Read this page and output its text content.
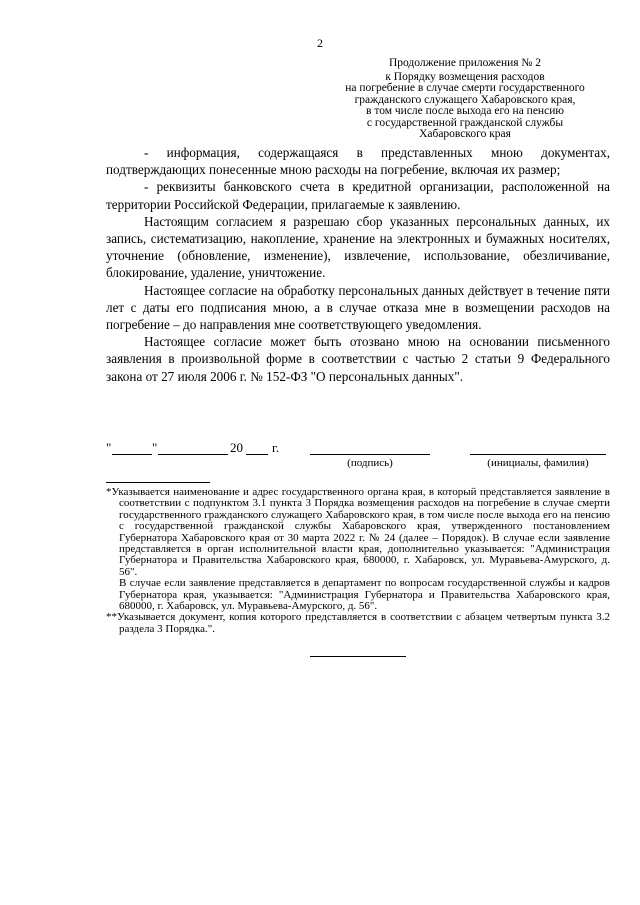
2
Продолжение приложения № 2
к Порядку возмещения расходов
на погребение в случае смерти государственного
гражданского служащего Хабаровского края,
в том числе после выхода его на пенсию
с государственной гражданской службы
Хабаровского края

- информация, содержащаяся в представленных мною документах, подтверждающих понесенные мною расходы на погребение, включая их размер;

- реквизиты банковского счета в кредитной организации, расположенной на территории Российской Федерации, прилагаемые к заявлению.

Настоящим согласием я разрешаю сбор указанных персональных данных, их запись, систематизацию, накопление, хранение на электронных и бумажных носителях, уточнение (обновление, изменение), извлечение, использование, обезличивание, блокирование, удаление, уничтожение.

Настоящее согласие на обработку персональных данных действует в течение пяти лет с даты его подписания мною, а в случае отказа мне в возмещении расходов на погребение – до направления мне соответствующего уведомления.

Настоящее согласие может быть отозвано мною на основании письменного заявления в произвольной форме в соответствии с частью 2 статьи 9 Федерального закона от 27 июля 2006 г. № 152-ФЗ "О персональных данных".

"	"	20 г.
(подпись)	(инициалы, фамилия)

*Указывается наименование и адрес государственного органа края, в который представляется заявление в соответствии с подпунктом 3.1 пункта 3 Порядка возмещения расходов на погребение в случае смерти государственного гражданского служащего Хабаровского края, в том числе после выхода его на пенсию с государственной гражданской службы Хабаровского края, утвержденного постановлением Губернатора Хабаровского края от 30 марта 2022 г. № 24 (далее – Порядок). В случае если заявление представляется в орган исполнительной власти края, дополнительно указывается: "Администрация Губернатора и Правительства Хабаровского края, 680000, г. Хабаровск, ул. Муравьева-Амурского, д. 56".

В случае если заявление представляется в департамент по вопросам государственной службы и кадров Губернатора края, указывается: "Администрация Губернатора и Правительства Хабаровского края, 680000, г. Хабаровск, ул. Муравьева-Амурского, д. 56".

**Указывается документ, копия которого представляется в соответствии с абзацем четвертым пункта 3.2 раздела 3 Порядка.".
